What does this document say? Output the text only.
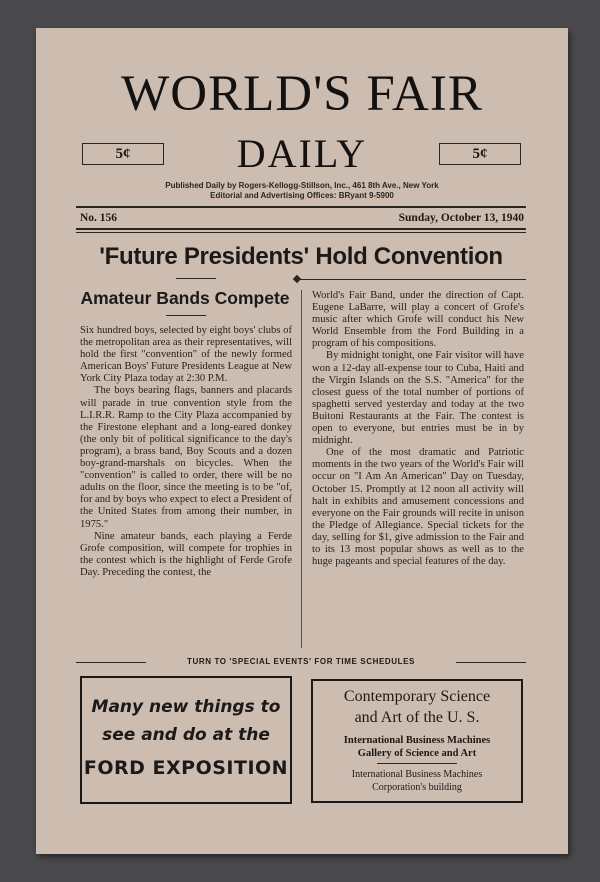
WORLD'S FAIR
DAILY
5¢	5¢
Published Daily by Rogers-Kellogg-Stillson, Inc., 461 8th Ave., New York
Editorial and Advertising Offices: BRyant 9-5900
No. 156	Sunday, October 13, 1940
'Future Presidents' Hold Convention
Amateur Bands Compete

Six hundred boys, selected by eight boys' clubs of the metropolitan area as their representatives, will hold the first "convention" of the newly formed American Boys' Future Presidents League at New York City Plaza today at 2:30 P.M.

The boys bearing flags, banners and placards will parade in true convention style from the L.I.R.R. Ramp to the City Plaza accompanied by the Firestone elephant and a long-eared donkey (the only bit of political significance to the day's program), a brass band, Boy Scouts and a dozen boy-grand-marshals on bicycles. When the "convention" is called to order, there will be no adults on the floor, since the meeting is to be "of, for and by boys who expect to elect a President of the United States from among their number, in 1975."

Nine amateur bands, each playing a Ferde Grofe composition, will compete for trophies in the contest which is the highlight of Ferde Grofe Day. Preceding the contest, the

World's Fair Band, under the direction of Capt. Eugene LaBarre, will play a concert of Grofe's music after which Grofe will conduct his New World Ensemble from the Ford Building in a program of his compositions.

By midnight tonight, one Fair visitor will have won a 12-day all-expense tour to Cuba, Haiti and the Virgin Islands on the S.S. "America" for the closest guess of the total number of portions of spaghetti served yesterday and today at the two Buitoni Restaurants at the Fair. The contest is open to everyone, but entries must be in by midnight.

One of the most dramatic and Patriotic moments in the two years of the World's Fair will occur on "I Am An American" Day on Tuesday, October 15. Promptly at 12 noon all activity will halt in exhibits and amusement concessions and everyone on the Fair grounds will recite in unison the Pledge of Allegiance. Special tickets for the day, selling for $1, give admission to the Fair and to its 13 most popular shows as well as to the huge pageants and special features of the day.

TURN TO 'SPECIAL EVENTS' FOR TIME SCHEDULES
Many new things to
see and do at the
FORD EXPOSITION
Contemporary Science
and Art of the U. S.
International Business Machines
Gallery of Science and Art
International Business Machines
Corporation's building
